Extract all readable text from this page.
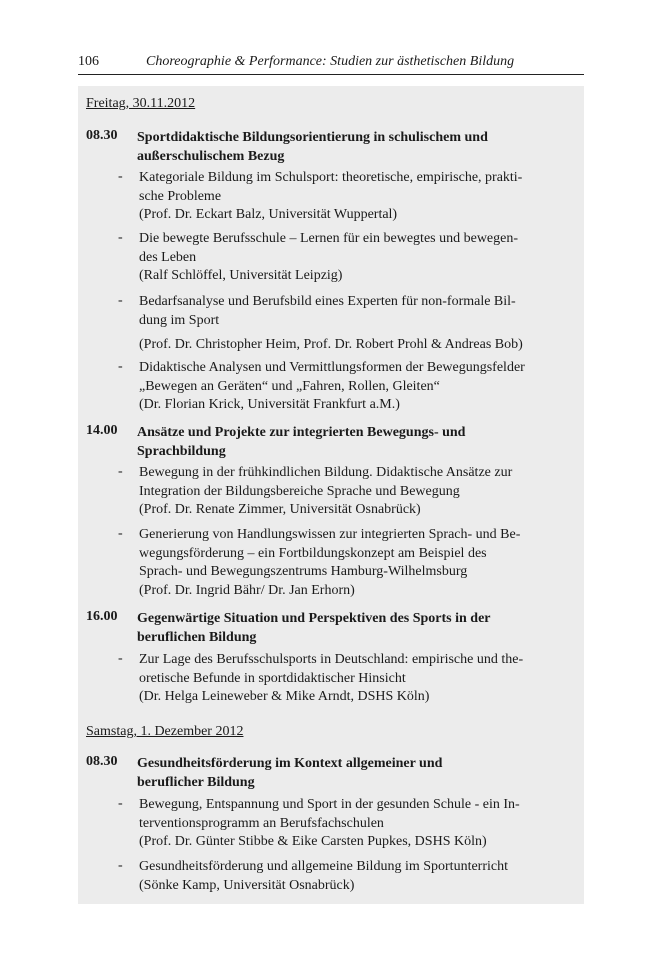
106	Choreographie & Performance: Studien zur ästhetischen Bildung
Freitag, 30.11.2012
08.30 Sportdidaktische Bildungsorientierung in schulischem und
außerschulischem Bezug
- Kategoriale Bildung im Schulsport: theoretische, empirische, prakti-
sche Probleme
(Prof. Dr. Eckart Balz, Universität Wuppertal)
- Die bewegte Berufsschule – Lernen für ein bewegtes und bewegen-
des Leben
(Ralf Schlöffel, Universität Leipzig)
- Bedarfsanalyse und Berufsbild eines Experten für non-formale Bil-
dung im Sport
(Prof. Dr. Christopher Heim, Prof. Dr. Robert Prohl & Andreas Bob)
- Didaktische Analysen und Vermittlungsformen der Bewegungsfelder
„Bewegen an Geräten“ und „Fahren, Rollen, Gleiten“
(Dr. Florian Krick, Universität Frankfurt a.M.)
14.00 Ansätze und Projekte zur integrierten Bewegungs- und
Sprachbildung
- Bewegung in der frühkindlichen Bildung. Didaktische Ansätze zur
Integration der Bildungsbereiche Sprache und Bewegung
(Prof. Dr. Renate Zimmer, Universität Osnabrück)
- Generierung von Handlungswissen zur integrierten Sprach- und Be-
wegungsförderung – ein Fortbildungskonzept am Beispiel des
Sprach- und Bewegungszentrums Hamburg-Wilhelmsburg
(Prof. Dr. Ingrid Bähr/ Dr. Jan Erhorn)
16.00 Gegenwärtige Situation und Perspektiven des Sports in der
beruflichen Bildung
- Zur Lage des Berufsschulsports in Deutschland: empirische und the-
oretische Befunde in sportdidaktischer Hinsicht
(Dr. Helga Leineweber & Mike Arndt, DSHS Köln)
Samstag, 1. Dezember 2012
08.30 Gesundheitsförderung im Kontext allgemeiner und
beruflicher Bildung
- Bewegung, Entspannung und Sport in der gesunden Schule - ein In-
terventionsprogramm an Berufsfachschulen
(Prof. Dr. Günter Stibbe & Eike Carsten Pupkes, DSHS Köln)
- Gesundheitsförderung und allgemeine Bildung im Sportunterricht
(Sönke Kamp, Universität Osnabrück)
